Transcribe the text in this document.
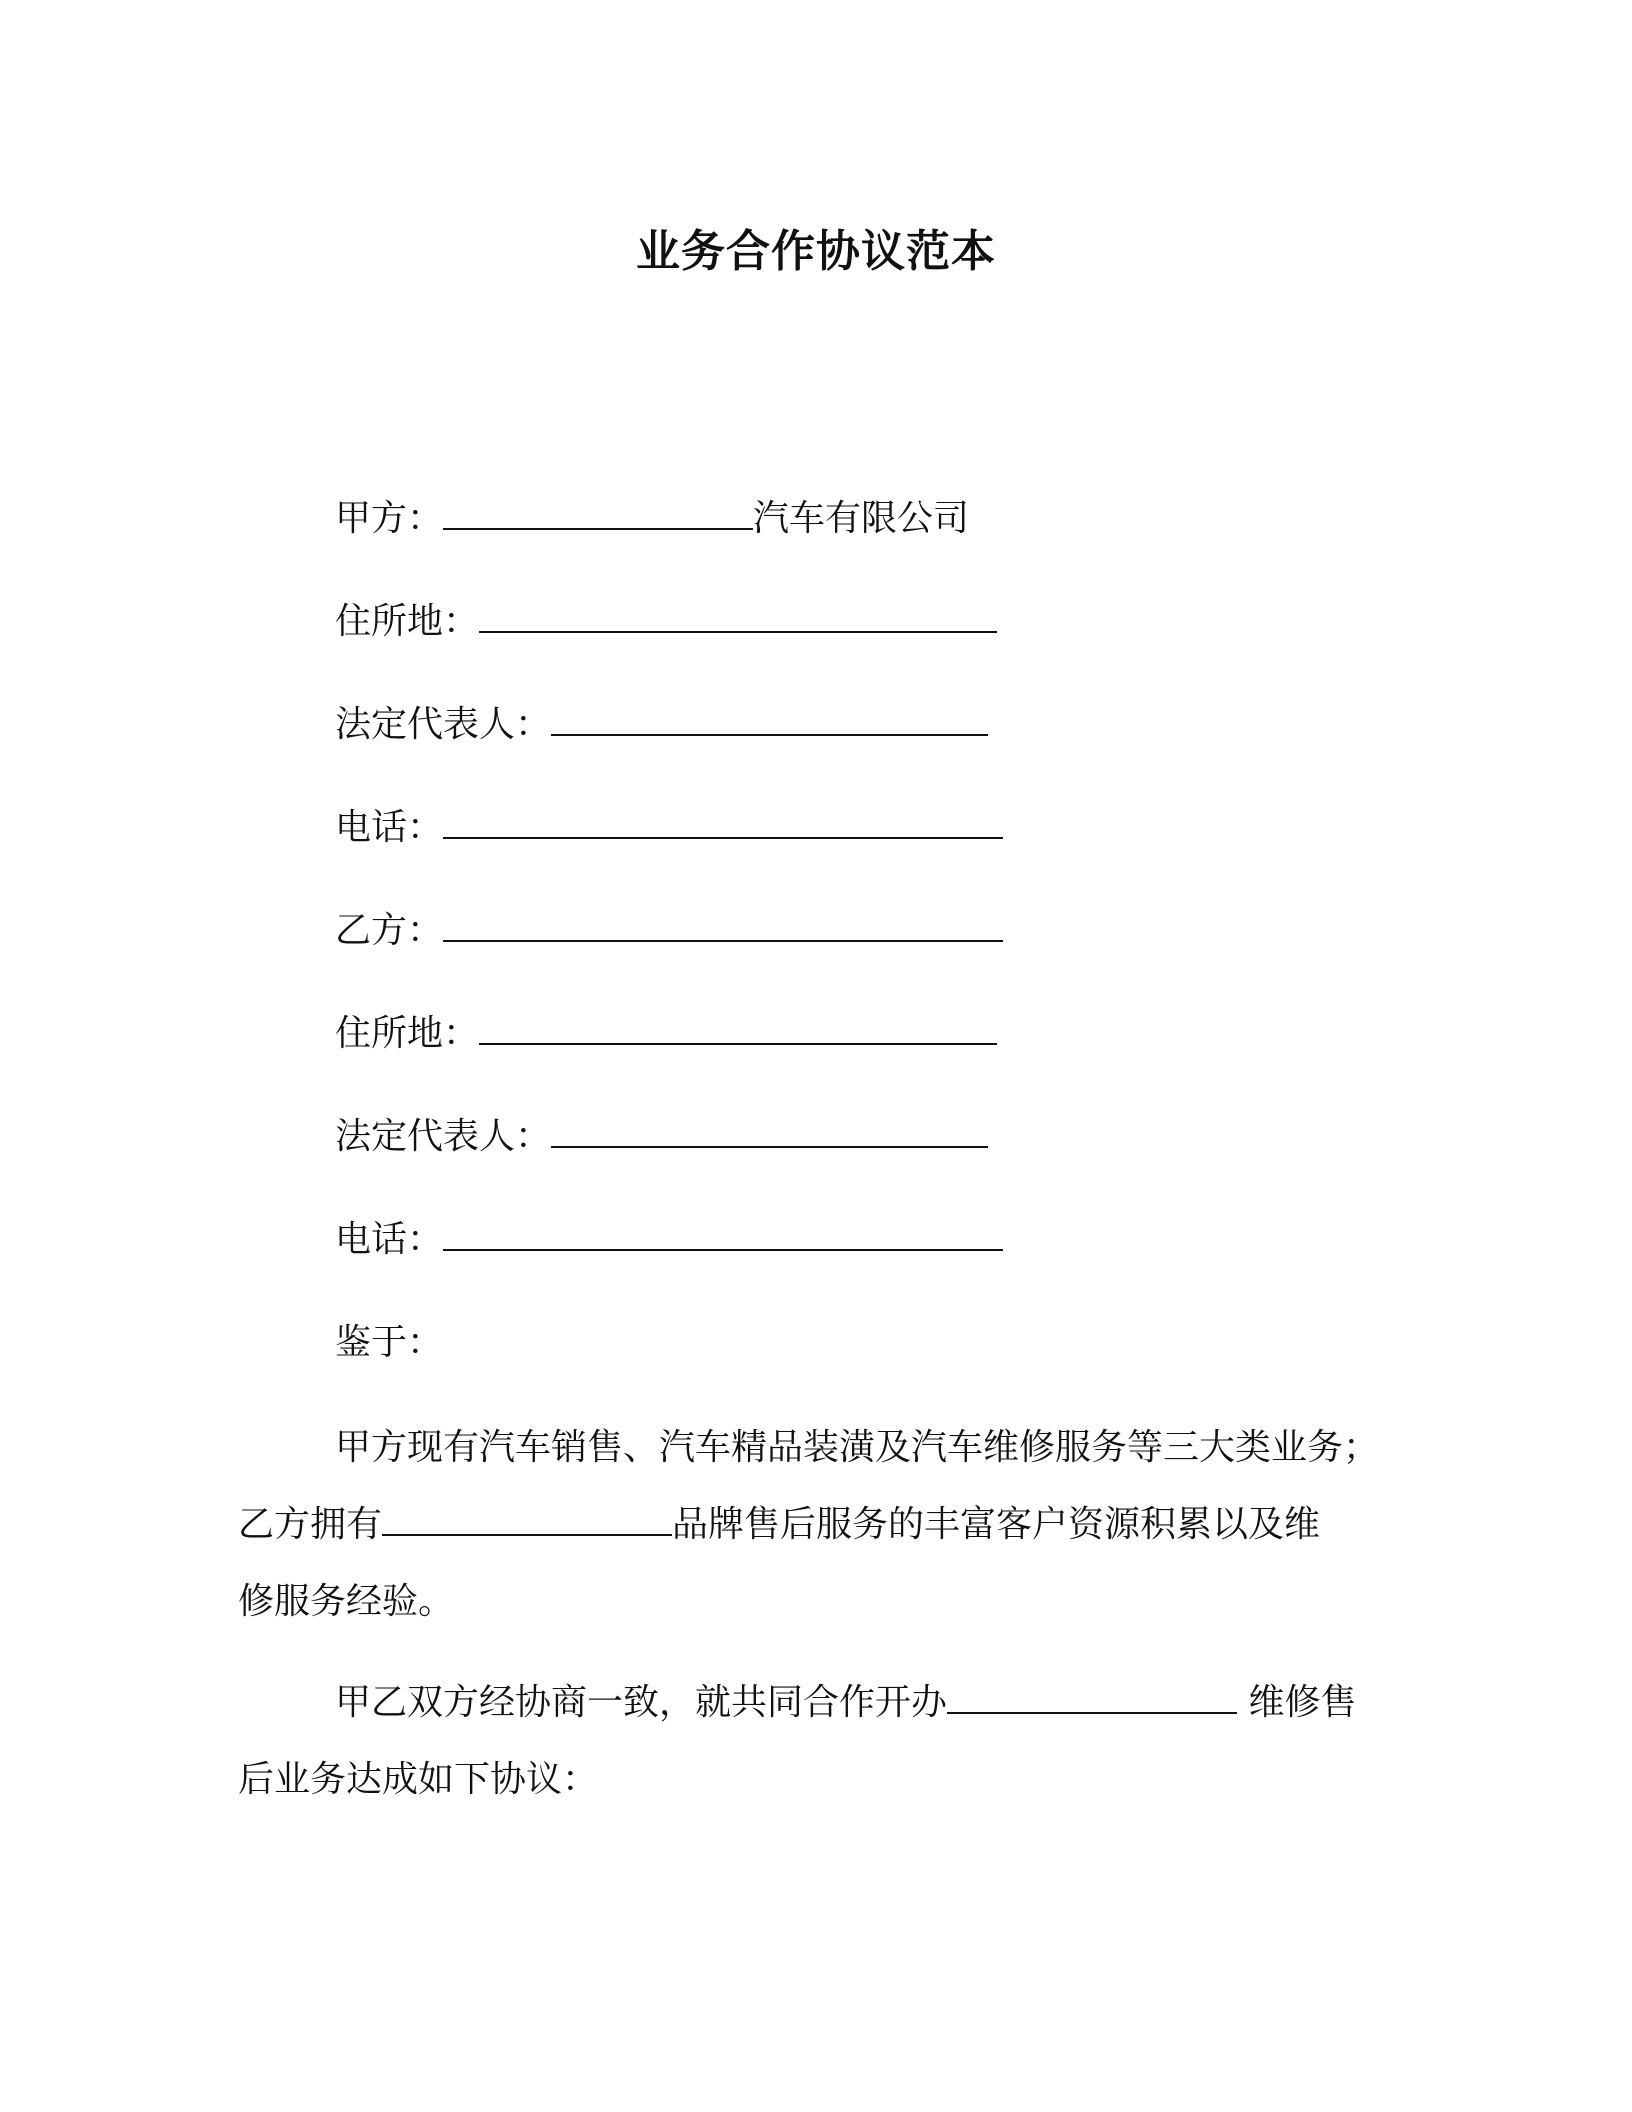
业务合作协议范本
甲方：	汽车有限公司
住所地：
法定代表人：
电话：
乙方：
住所地：
法定代表人：
电话：
鉴于：
甲方现有汽车销售、汽车精品装潢及汽车维修服务等三大类业务；
乙方拥有	品牌售后服务的丰富客户资源积累以及维
修服务经验。
甲乙双方经协商一致，就共同合作开办	维修售
后业务达成如下协议：
